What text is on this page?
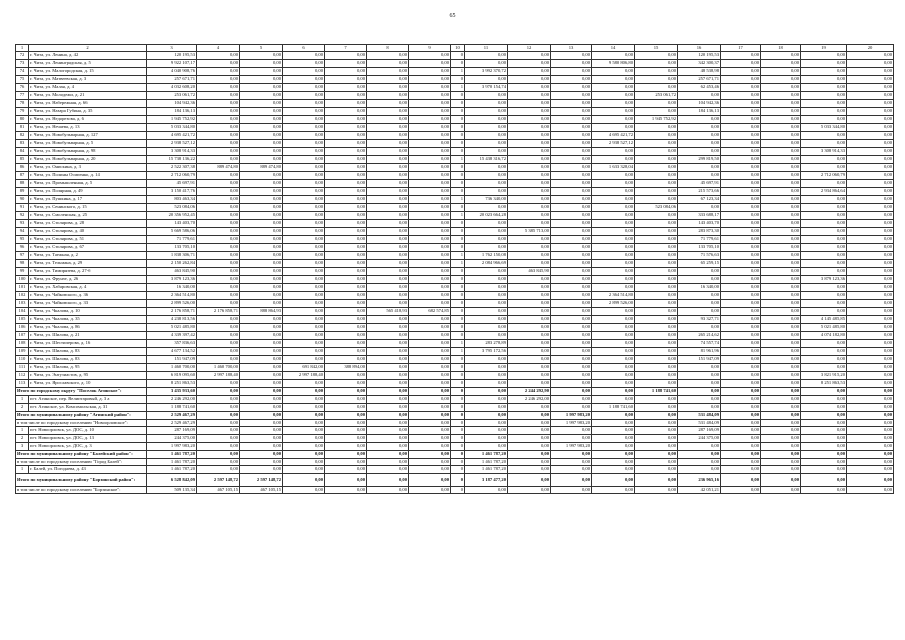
65
1	2	3	4	5	6	7	8	9	10	11	12	13	14	15	16	17	18	19	20
72	г. Чита, ул. Ленина, д. 42	120 195,53	0,00	0,00	0,00	0,00	0,00	0,00	0	0,00	0,00	0,00	0,00	0,00	120 195,53	0,00	0,00	0,00	0,00
73	г. Чита, ул. Ленинградская, д. 5	9 922 107,17	0,00	0,00	0,00	0,00	0,00	0,00	0	0,00	0,00	0,00	9 580 806,80	0,00	342 300,37	0,00	0,00	0,00	0,00
74	г. Чита, ул. Малогородская, д. 15	4 040 908,76	0,00	0,00	0,00	0,00	0,00	0,00	1	3 992 370,72	0,00	0,00	0,00	0,00	48 538,98	0,00	0,00	0,00	0,00
75	г. Чита, ул. Матвеевская, д. 3	257 671,71	0,00	0,00	0,00	0,00	0,00	0,00	0	0,00	0,00	0,00	0,00	0,00	257 671,71	0,00	0,00	0,00	0,00
76	г. Чита, ул. Малая, д. 4	4 032 608,20	0,00	0,00	0,00	0,00	0,00	0,00	1	3 970 154,74	0,00	0,00	0,00	0,00	62 453,46	0,00	0,00	0,00	0,00
77	г. Чита, ул. Молодежи, д. 21	253 061,72	0,00	0,00	0,00	0,00	0,00	0,00	0	0,00	0,00	0,00	0,00	253 061,72	0,00	0,00	0,00	0,00	0,00
78	г. Чита, ул. Набережная, д. 66	104 942,36	0,00	0,00	0,00	0,00	0,00	0,00	0	0,00	0,00	0,00	0,00	0,00	104 942,36	0,00	0,00	0,00	0,00
79	г. Чита, ул. Назара Губина, д. 35	184 136,13	0,00	0,00	0,00	0,00	0,00	0,00	0	0,00	0,00	0,00	0,00	0,00	184 136,13	0,00	0,00	0,00	0,00
80	г. Чита, ул. Недорезова, д. 6	1 945 752,92	0,00	0,00	0,00	0,00	0,00	0,00	0	0,00	0,00	0,00	0,00	1 945 752,92	0,00	0,00	0,00	0,00	0,00
81	г. Чита, ул. Нечаева, д. 13	5 033 344,80	0,00	0,00	0,00	0,00	0,00	0,00	0	0,00	0,00	0,00	0,00	0,00	0,00	0,00	0,00	5 033 344,80	0,00
82	г. Чита, ул. Новобульварная, д. 127	4 695 421,72	0,00	0,00	0,00	0,00	0,00	0,00	0	0,00	0,00	0,00	4 695 421,72	0,00	0,00	0,00	0,00	0,00	0,00
83	г. Чита, ул. Новобульварная, д. 5	2 938 527,12	0,00	0,00	0,00	0,00	0,00	0,00	0	0,00	0,00	0,00	2 938 527,12	0,00	0,00	0,00	0,00	0,00	0,00
84	г. Чита, ул. Новобульварная, д. 98	3 308 914,33	0,00	0,00	0,00	0,00	0,00	0,00	0	0,00	0,00	0,00	0,00	0,00	0,00	0,00	0,00	3 308 914,33	0,00
85	г. Чита, ул. Новобульварная, д. 20	15 738 136,22	0,00	0,00	0,00	0,00	0,00	0,00	1	15 438 316,72	0,00	0,00	0,00	0,00	299 819,50	0,00	0,00	0,00	0,00
86	г. Чита, ул. Онискина, д. 3	2 522 307,38	889 474,80	889 474,80	0,00	0,00	0,00	0,00	0	0,00	0,00	0,00	1 633 328,04	0,00	0,00	0,00	0,00	0,00	0,00
87	г. Чита, ул. Полины Осипенко, д. 14	2 712 060,79	0,00	0,00	0,00	0,00	0,00	0,00	0	0,00	0,00	0,00	0,00	0,00	0,00	0,00	0,00	2 712 060,79	0,00
88	г. Чита, ул. Промышленная, д. 5	45 697,91	0,00	0,00	0,00	0,00	0,00	0,00	0	0,00	0,00	0,00	0,00	0,00	45 697,91	0,00	0,00	0,00	0,00
89	г. Чита, ул. Полярная, д. 49	3 150 417,76	0,00	0,00	0,00	0,00	0,00	0,00	0	0,00	0,00	0,00	0,00	0,00	215 573,66	0,00	0,00	2 934 864,64	0,00
90	г. Чита, ул. Пушкина, д. 17	803 463,34	0,00	0,00	0,00	0,00	0,00	0,00	1	736 340,00	0,00	0,00	0,00	0,00	67 123,34	0,00	0,00	0,00	0,00
91	г. Чита, ул. Сенинского, д. 15	523 084,06	0,00	0,00	0,00	0,00	0,00	0,00	0	0,00	0,00	0,00	0,00	523 084,06	0,00	0,00	0,00	0,00	0,00
92	г. Чита, ул. Смоленская, д. 25	20 356 952,45	0,00	0,00	0,00	0,00	0,00	0,00	1	20 023 664,28	0,00	0,00	0,00	0,00	333 688,17	0,00	0,00	0,00	0,00
93	г. Чита, ул. Столярова, д. 28	143 403,70	0,00	0,00	0,00	0,00	0,00	0,00	0	0,00	0,00	0,00	0,00	0,00	143 403,70	0,00	0,00	0,00	0,00
94	г. Чита, ул. Столярова, д. 40	5 669 586,06	0,00	0,00	0,00	0,00	0,00	0,00	0	0,00	5 385 713,00	0,00	0,00	0,00	283 873,30	0,00	0,00	0,00	0,00
95	г. Чита, ул. Столярова, д. 51	71 779,61	0,00	0,00	0,00	0,00	0,00	0,00	0	0,00	0,00	0,00	0,00	0,00	71 779,61	0,00	0,00	0,00	0,00
96	г. Чита, ул. Столярова, д. 67	133 705,10	0,00	0,00	0,00	0,00	0,00	0,00	0	0,00	0,00	0,00	0,00	0,00	133 705,10	0,00	0,00	0,00	0,00
97	г. Чита, ул. Таежная, д. 2	1 838 306,71	0,00	0,00	0,00	0,00	0,00	0,00	1	1 762 150,08	0,00	0,00	0,00	0,00	71 576,63	0,00	0,00	0,00	0,00
98	г. Чита, ул. Тельмана, д. 29	2 150 262,84	0,00	0,00	0,00	0,00	0,00	0,00	1	2 084 966,69	0,00	0,00	0,00	0,00	65 259,15	0,00	0,00	0,00	0,00
99	г. Чита, ул. Тимирязева, д. 27-б	463 845,90	0,00	0,00	0,00	0,00	0,00	0,00	0	0,00	463 845,90	0,00	0,00	0,00	0,00	0,00	0,00	0,00	0,00
100	г. Чита, ул. Фрунзе, д. 26	3 879 123,36	0,00	0,00	0,00	0,00	0,00	0,00	0	0,00	0,00	0,00	0,00	0,00	0,00	0,00	0,00	3 879 123,36	0,00
101	г. Чита, ул. Хабаровская, д. 4	16 340,00	0,00	0,00	0,00	0,00	0,00	0,00	0	0,00	0,00	0,00	0,00	0,00	16 340,00	0,00	0,00	0,00	0,00
102	г. Чита, ул. Чайковского, д. 36	2 364 514,80	0,00	0,00	0,00	0,00	0,00	0,00	0	0,00	0,00	0,00	2 364 514,80	0,00	0,00	0,00	0,00	0,00	0,00
103	г. Чита, ул. Чайковского, д. 33	2 899 526,00	0,00	0,00	0,00	0,00	0,00	0,00	0	0,00	0,00	0,00	2 899 526,00	0,00	0,00	0,00	0,00	0,00	0,00
104	г. Чита, ул. Чкалова, д. 10	2 176 858,71	2 176 858,71	888 864,93	0,00	0,00	565 418,93	682 574,85	0	0,00	0,00	0,00	0,00	0,00	0,00	0,00	0,00	0,00	0,00
105	г. Чита, ул. Чкалова, д. 35	4 238 813,56	0,00	0,00	0,00	0,00	0,00	0,00	0	0,00	0,00	0,00	0,00	0,00	93 327,71	0,00	0,00	4 145 485,85	0,00
106	г. Чита, ул. Чкалова, д. 86	5 021 485,80	0,00	0,00	0,00	0,00	0,00	0,00	0	0,00	0,00	0,00	0,00	0,00	0,00	0,00	0,00	5 021 485,80	0,00
107	г. Чита, ул. Шилова, д. 21	4 339 397,42	0,00	0,00	0,00	0,00	0,00	0,00	0	0,00	0,00	0,00	0,00	0,00	265 214,62	0,00	0,00	4 074 182,80	0,00
108	г. Чита, ул. Шестиперова, д. 16	357 836,63	0,00	0,00	0,00	0,00	0,00	0,00	1	283 278,89	0,00	0,00	0,00	0,00	74 557,74	0,00	0,00	0,00	0,00
109	г. Чита, ул. Шилова, д. 83	4 677 134,52	0,00	0,00	0,00	0,00	0,00	0,00	1	3 795 172,56	0,00	0,00	0,00	0,00	81 961,96	0,00	0,00	0,00	0,00
110	г. Чита, ул. Шилова, д. 83	151 947,09	0,00	0,00	0,00	0,00	0,00	0,00	0	0,00	0,00	0,00	0,00	0,00	151 947,09	0,00	0,00	0,00	0,00
111	г. Чита, ул. Шилова, д. 95	1 460 700,00	1 460 700,00	0,00	691 842,00	388 894,00	0,00	0,00	0	0,00	0,00	0,00	0,00	0,00	0,00	0,00	0,00	0,00	0,00
112	г. Чита, ул. Энтузиастов, д. 95	6 819 095,60	2 997 188,40	0,00	2 997 188,40	0,00	0,00	0,00	0	0,00	0,00	0,00	0,00	0,00	0,00	0,00	0,00	3 821 915,20	0,00
113	г. Чита, ул. Ярославского, д. 10	8 251 863,53	0,00	0,00	0,00	0,00	0,00	0,00	0	0,00	0,00	0,00	0,00	0,00	0,00	0,00	0,00	8 251 863,53	0,00
Итого по городскому округу "Поселок Агинское":		3 435 933,60	0,00	0,00	0,00	0,00	0,00	0,00	0	0,00	2 244 292,90	0,00	0,00	1 188 741,60	0,00	0,00	0,00	0,00	0,00
1	пгт. Агинское, пер. Велиптаровый, д. 3 а	2 246 292,00	0,00	0,00	0,00	0,00	0,00	0,00	0	0,00	2 246 292,00	0,00	0,00	0,00	0,00	0,00	0,00	0,00	0,00
2	пгт. Агинское, ул. Комсомольская, д. 31	1 188 741,60	0,00	0,00	0,00	0,00	0,00	0,00	0	0,00	0,00	0,00	1 188 741,60	0,00	0,00	0,00	0,00	0,00	0,00
Итого по муниципальному району "Агинский район":		2 529 467,29	0,00	0,00	0,00	0,00	0,00	0,00	0	0,00	0,00	1 997 983,20	0,00	0,00	531 484,09	0,00	0,00	0,00	0,00
в том числе по городскому поселению "Новоорловское":		2 529 467,29	0,00	0,00	0,00	0,00	0,00	0,00	0	0,00	0,00	1 997 983,20	0,00	0,00	531 484,09	0,00	0,00	0,00	0,00
1	пгт. Новоорловск, ул. ДОС, д. 10	287 169,09	0,00	0,00	0,00	0,00	0,00	0,00	0	0,00	0,00	0,00	0,00	0,00	287 169,09	0,00	0,00	0,00	0,00
2	пгт. Новоорловск, ул. ДОС, д. 13	244 375,00	0,00	0,00	0,00	0,00	0,00	0,00	0	0,00	0,00	0,00	0,00	0,00	244 375,00	0,00	0,00	0,00	0,00
3	пгт. Новоорловск, ул. ДОС, д. 3	1 997 983,20	0,00	0,00	0,00	0,00	0,00	0,00	0	0,00	0,00	1 997 983,20	0,00	0,00	0,00	0,00	0,00	0,00	0,00
Итого по муниципальному району "Балейский район":		1 461 787,20	0,00	0,00	0,00	0,00	0,00	0,00	0	1 461 787,20	0,00	0,00	0,00	0,00	0,00	0,00	0,00	0,00	0,00
в том числе по городскому поселению "Город Балей":		1 461 787,20	0,00	0,00	0,00	0,00	0,00	0,00	0	1 461 787,20	0,00	0,00	0,00	0,00	0,00	0,00	0,00	0,00	0,00
1	г. Балей, ул. Погодаева, д. 43	1 461 787,20	0,00	0,00	0,00	0,00	0,00	0,00	0	1 461 787,20	0,00	0,00	0,00	0,00	0,00	0,00	0,00	0,00	0,00
Итого по муниципальному району "Борзинский район":		6 528 842,09	2 597 148,72	2 597 148,72	0,00	0,00	0,00	0,00	0	3 187 477,20	0,00	0,00	0,00	0,00	236 965,16	0,00	0,00	0,00	0,00
в том числе по городскому поселению "Борзинское":		509 135,34	467 105,15	467 105,15	0,00	0,00	0,00	0,00	0	0,00	0,00	0,00	0,00	0,00	42 051,21	0,00	0,00	0,00	0,00
